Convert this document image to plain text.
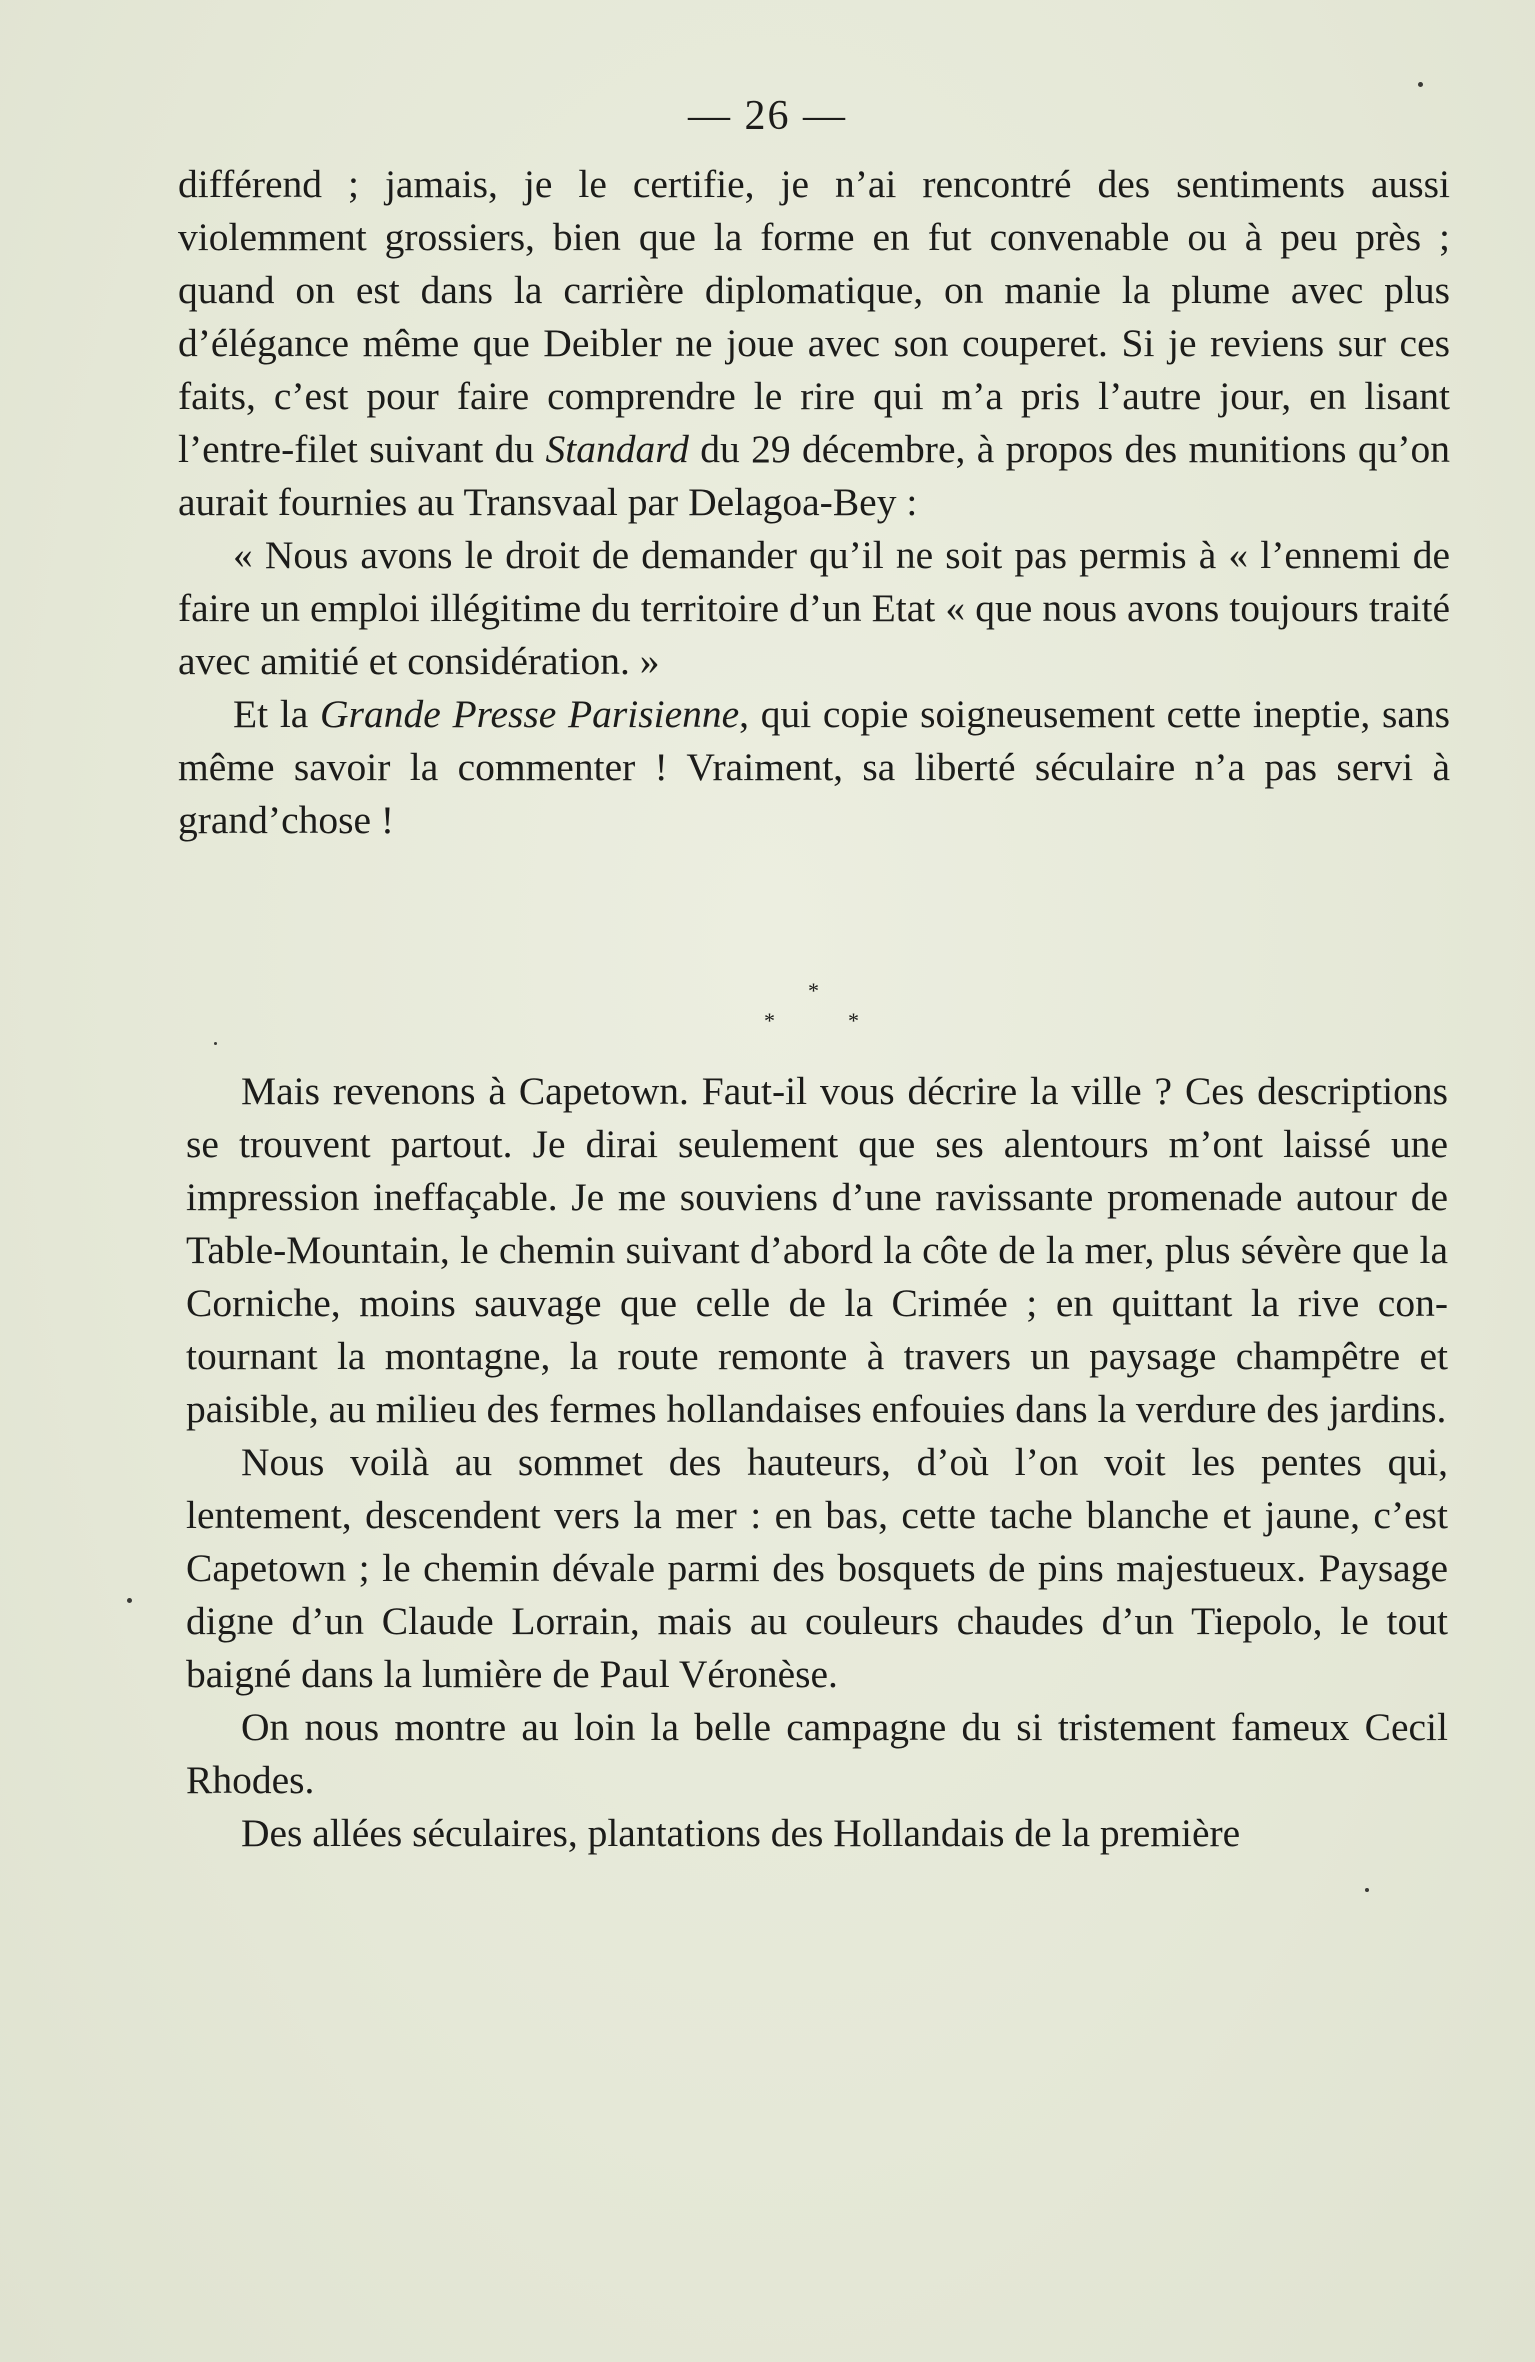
— 26 —

différend ; jamais, je le certifie, je n’ai rencontré des sentiments aussi violemment grossiers, bien que la forme en fut convenable ou à peu près ; quand on est dans la carrière diplomatique, on manie la plume avec plus d’élégance même que Deibler ne joue avec son couperet. Si je reviens sur ces faits, c’est pour faire comprendre le rire qui m’a pris l’autre jour, en lisant l’entre-filet suivant du Standard du 29 décembre, à propos des munitions qu’on aurait fournies au Transvaal par Delagoa-Bey :

« Nous avons le droit de demander qu’il ne soit pas permis à « l’ennemi de faire un emploi illégitime du territoire d’un Etat « que nous avons toujours traité avec amitié et considération. »

Et la Grande Presse Parisienne, qui copie soigneusement cette ineptie, sans même savoir la commenter ! Vraiment, sa liberté séculaire n’a pas servi à grand’chose !

*
*	*

Mais revenons à Capetown. Faut-il vous décrire la ville ? Ces descriptions se trouvent partout. Je dirai seulement que ses alentours m’ont laissé une impression ineffaçable. Je me souviens d’une ravissante promenade autour de Table-Mountain, le chemin suivant d’abord la côte de la mer, plus sévère que la Corniche, moins sauvage que celle de la Crimée ; en quittant la rive con-tournant la montagne, la route remonte à travers un paysage champêtre et paisible, au milieu des fermes hollandaises enfouies dans la verdure des jardins.

Nous voilà au sommet des hauteurs, d’où l’on voit les pentes qui, lentement, descendent vers la mer : en bas, cette tache blanche et jaune, c’est Capetown ; le chemin dévale parmi des bosquets de pins majestueux. Paysage digne d’un Claude Lorrain, mais au couleurs chaudes d’un Tiepolo, le tout baigné dans la lumière de Paul Véronèse.

On nous montre au loin la belle campagne du si tristement fameux Cecil Rhodes.

Des allées séculaires, plantations des Hollandais de la première
